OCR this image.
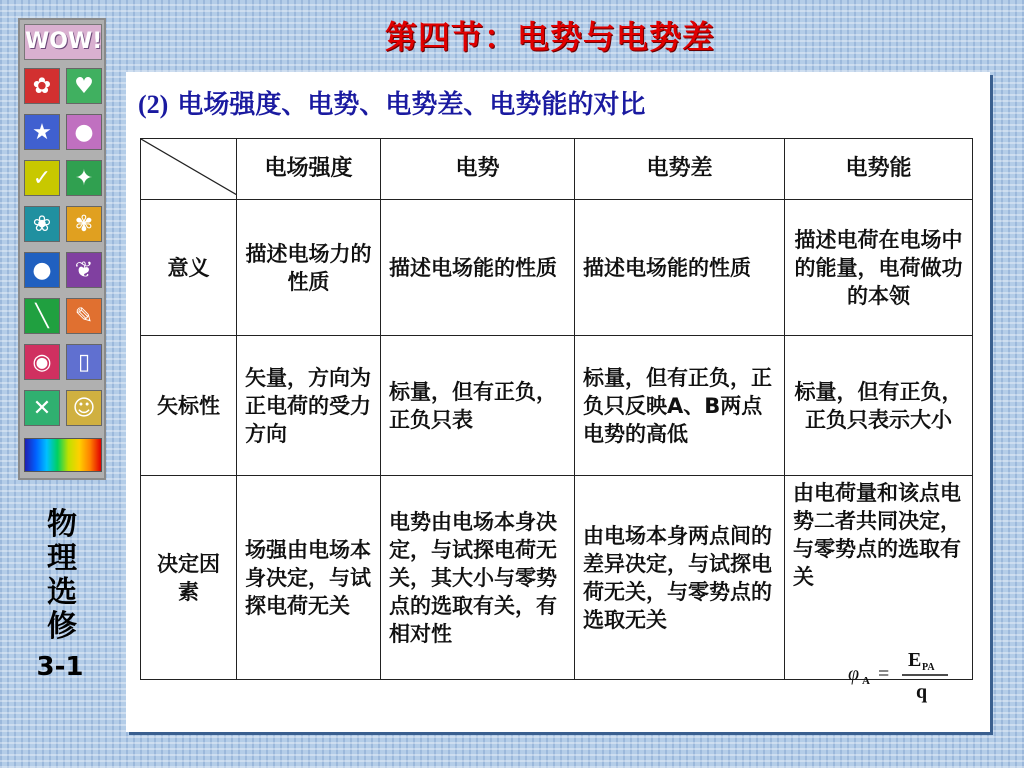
第四节：电势与电势差
WOW!
✿	♥
★	●
✓	✦
❀	✾
●	❦
╲	✎
◉	▯
✕ ☺
物
理
选
修
3-1
(2) 电场强度、电势、电势差、电势能的对比
	电场强度	电势	电势差	电势能
意义	描述电场力的性质	描述电场能的性质	描述电场能的性质	描述电荷在电场中的能量，电荷做功的本领
矢标性	矢量，方向为正电荷的受力方向	标量，但有正负，正负只表	标量，但有正负，正负只反映A、B两点电势的高低	标量，但有正负，正负只表示大小
决定因素	场强由电场本身决定，与试探电荷无关	电势由电场本身决定，与试探电荷无关，其大小与零势点的选取有关，有相对性	由电场本身两点间的差异决定，与试探电荷无关，与零势点的选取无关	由电荷量和该点电势二者共同决定，与零势点的选取有关
φ A =
E PA
q
